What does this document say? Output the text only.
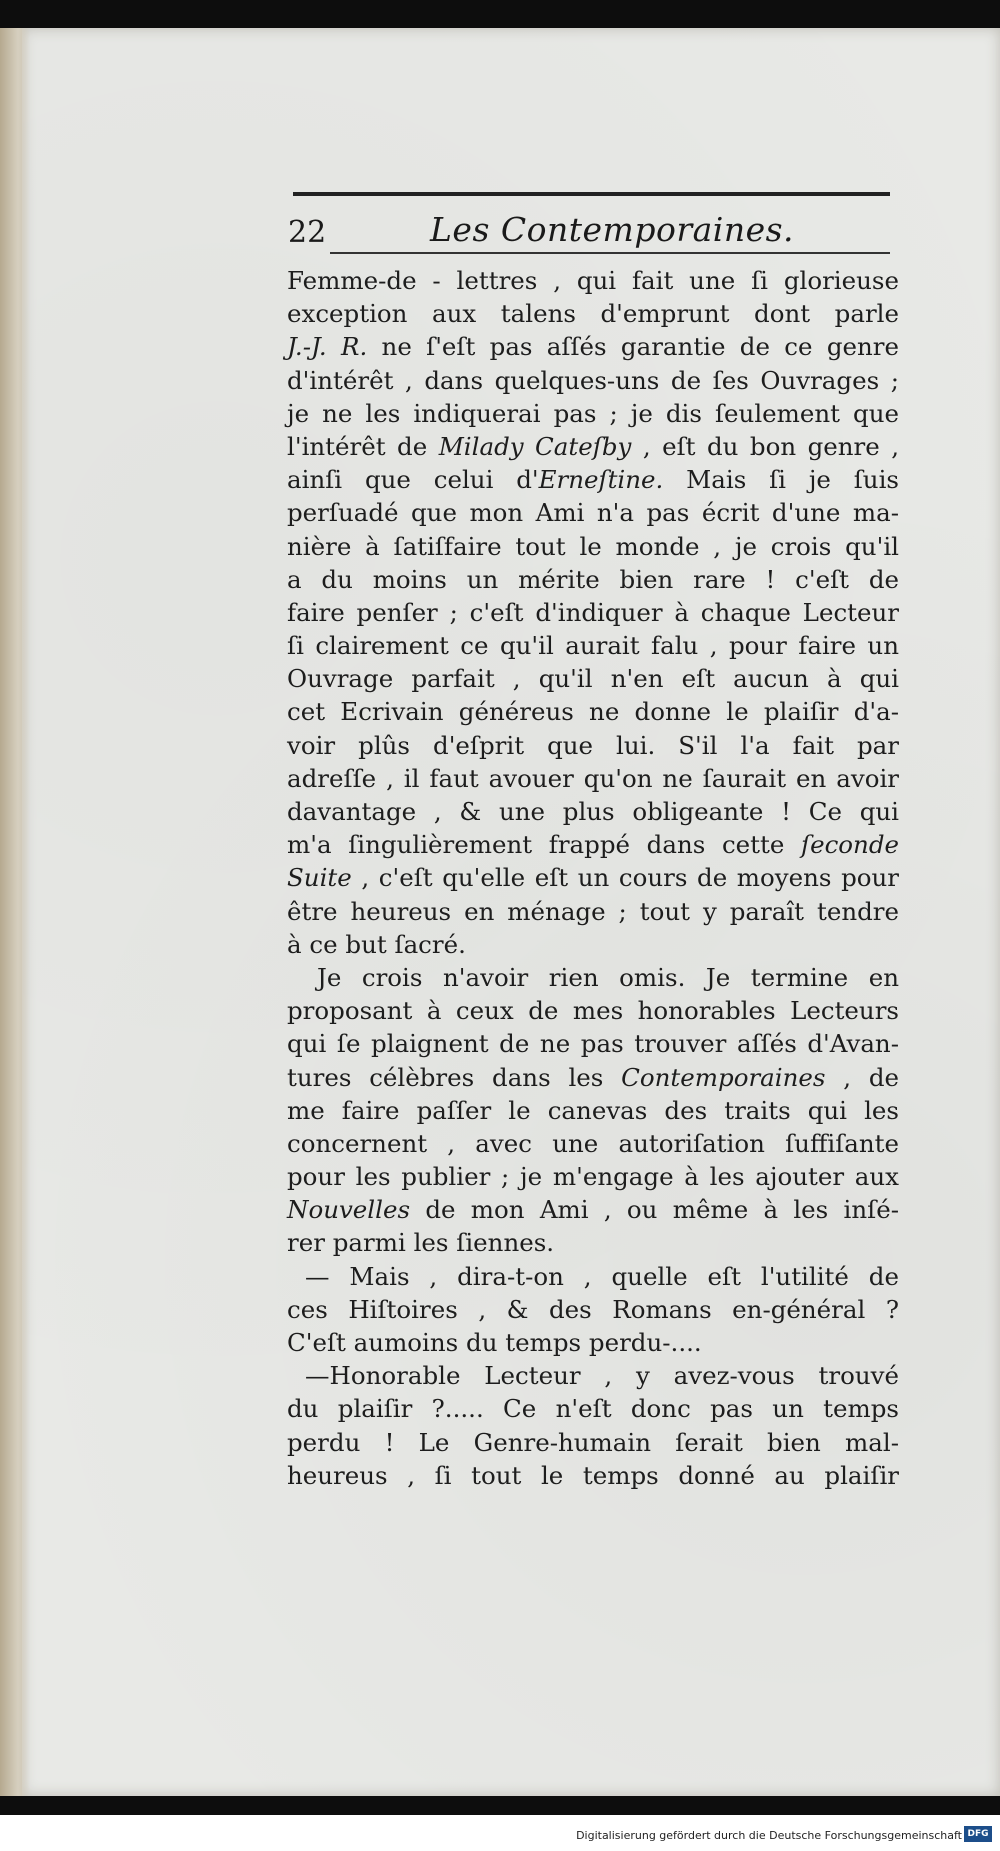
22	Les Contemporaines.
Femme-de - lettres , qui fait une ſi glorieuse
exception aux talens d'emprunt dont parle
J.-J. R. ne ſ'eſt pas aſſés garantie de ce genre
d'intérêt , dans quelques-uns de ſes Ouvrages ;
je ne les indiquerai pas ; je dis ſeulement que
l'intérêt de Milady Cateſby , eſt du bon genre ,
ainſi que celui d'Erneſtine. Mais ſi je ſuis
perſuadé que mon Ami n'a pas écrit d'une ma-
nière à ſatiſfaire tout le monde , je crois qu'il
a du moins un mérite bien rare ! c'eſt de
faire penſer ; c'eſt d'indiquer à chaque Lecteur
ſi clairement ce qu'il aurait falu , pour faire un
Ouvrage parfait , qu'il n'en eſt aucun à qui
cet Ecrivain généreus ne donne le plaiſir d'a-
voir plûs d'eſprit que lui. S'il l'a fait par
adreſſe , il faut avouer qu'on ne ſaurait en avoir
davantage , & une plus obligeante ! Ce qui
m'a ſingulièrement frappé dans cette ſeconde
Suite , c'eſt qu'elle eſt un cours de moyens pour
être heureus en ménage ; tout y paraît tendre
à ce but ſacré.
Je crois n'avoir rien omis. Je termine en
proposant à ceux de mes honorables Lecteurs
qui ſe plaignent de ne pas trouver aſſés d'Avan-
tures célèbres dans les Contemporaines , de
me faire paſſer le canevas des traits qui les
concernent , avec une autoriſation ſuffiſante
pour les publier ; je m'engage à les ajouter aux
Nouvelles de mon Ami , ou même à les inſé-
rer parmi les ſiennes.
— Mais , dira-t-on , quelle eſt l'utilité de
ces Hiſtoires , & des Romans en-général ?
C'eſt aumoins du temps perdu-....
—Honorable Lecteur , y avez-vous trouvé
du plaiſir ?..... Ce n'eſt donc pas un temps
perdu ! Le Genre-humain ſerait bien mal-
heureus , ſi tout le temps donné au plaiſir
Digitalisierung gefördert durch die Deutsche Forschungsgemeinschaft DFG
